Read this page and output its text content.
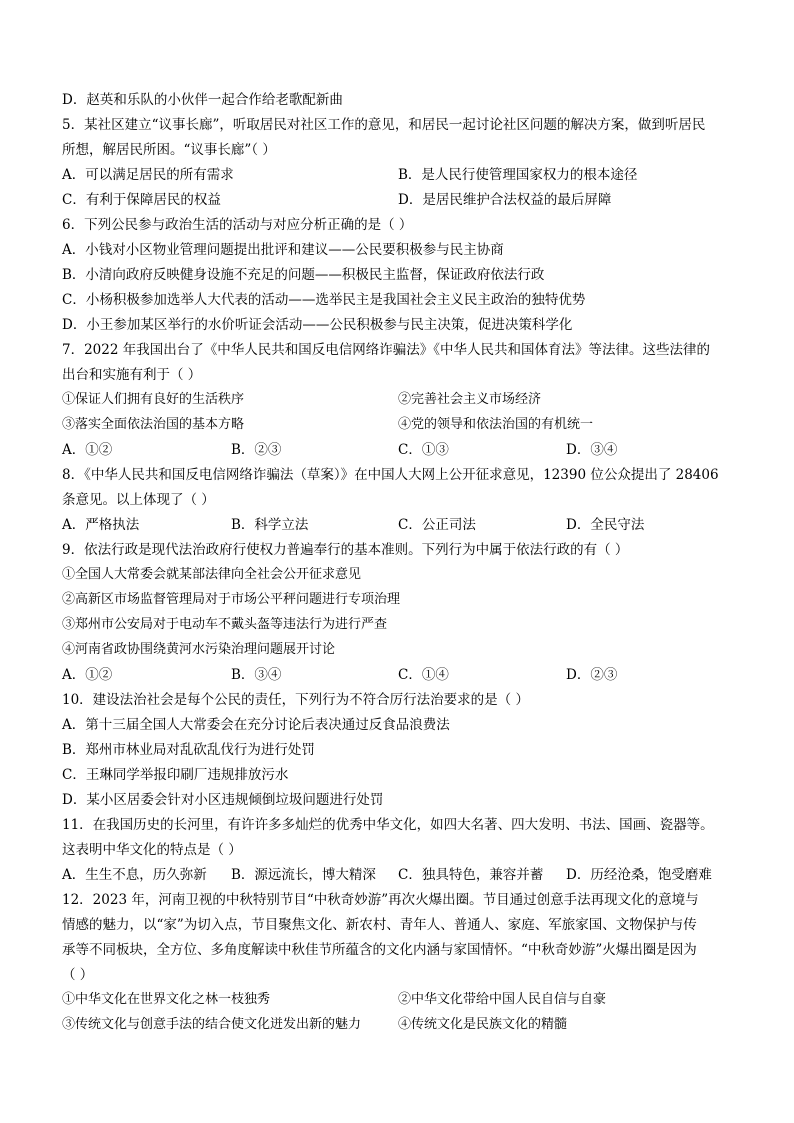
D．赵英和乐队的小伙伴一起合作给老歌配新曲
5．某社区建立“议事长廊”，听取居民对社区工作的意见，和居民一起讨论社区问题的解决方案，做到听居民
所想，解居民所困。“议事长廊”（ ）
A．可以满足居民的所有需求	B．是人民行使管理国家权力的根本途径
C．有利于保障居民的权益	D．是居民维护合法权益的最后屏障
6．下列公民参与政治生活的活动与对应分析正确的是（ ）
A．小钱对小区物业管理问题提出批评和建议——公民要积极参与民主协商
B．小清向政府反映健身设施不充足的问题——积极民主监督，保证政府依法行政
C．小杨积极参加选举人大代表的活动——选举民主是我国社会主义民主政治的独特优势
D．小王参加某区举行的水价听证会活动——公民积极参与民主决策，促进决策科学化
7．2022 年我国出台了《中华人民共和国反电信网络诈骗法》《中华人民共和国体育法》等法律。这些法律的
出台和实施有利于（ ）
①保证人们拥有良好的生活秩序	②完善社会主义市场经济
③落实全面依法治国的基本方略	④党的领导和依法治国的有机统一
A．①②	B．②③	C．①③	D．③④
8．《中华人民共和国反电信网络诈骗法（草案）》在中国人大网上公开征求意见，12390 位公众提出了 28406
条意见。以上体现了（ ）
A．严格执法	B．科学立法	C．公正司法	D．全民守法
9．依法行政是现代法治政府行使权力普遍奉行的基本准则。下列行为中属于依法行政的有（ ）
①全国人大常委会就某部法律向全社会公开征求意见
②高新区市场监督管理局对于市场公平秤问题进行专项治理
③郑州市公安局对于电动车不戴头盔等违法行为进行严查
④河南省政协围绕黄河水污染治理问题展开讨论
A．①②	B．③④	C．①④	D．②③
10．建设法治社会是每个公民的责任，下列行为不符合厉行法治要求的是（ ）
A．第十三届全国人大常委会在充分讨论后表决通过反食品浪费法
B．郑州市林业局对乱砍乱伐行为进行处罚
C．王琳同学举报印刷厂违规排放污水
D．某小区居委会针对小区违规倾倒垃圾问题进行处罚
11．在我国历史的长河里，有许许多多灿烂的优秀中华文化，如四大名著、四大发明、书法、国画、瓷器等。
这表明中华文化的特点是（ ）
A．生生不息，历久弥新 B．源远流长，博大精深 C．独具特色，兼容并蓄 D．历经沧桑，饱受磨难
12．2023 年，河南卫视的中秋特别节目“中秋奇妙游”再次火爆出圈。节目通过创意手法再现文化的意境与
情感的魅力，以“家”为切入点，节目聚焦文化、新农村、青年人、普通人、家庭、军旅家国、文物保护与传
承等不同板块，全方位、多角度解读中秋佳节所蕴含的文化内涵与家国情怀。“中秋奇妙游”火爆出圈是因为
（ ）
①中华文化在世界文化之林一枝独秀	②中华文化带给中国人民自信与自豪
③传统文化与创意手法的结合使文化迸发出新的魅力	④传统文化是民族文化的精髓
